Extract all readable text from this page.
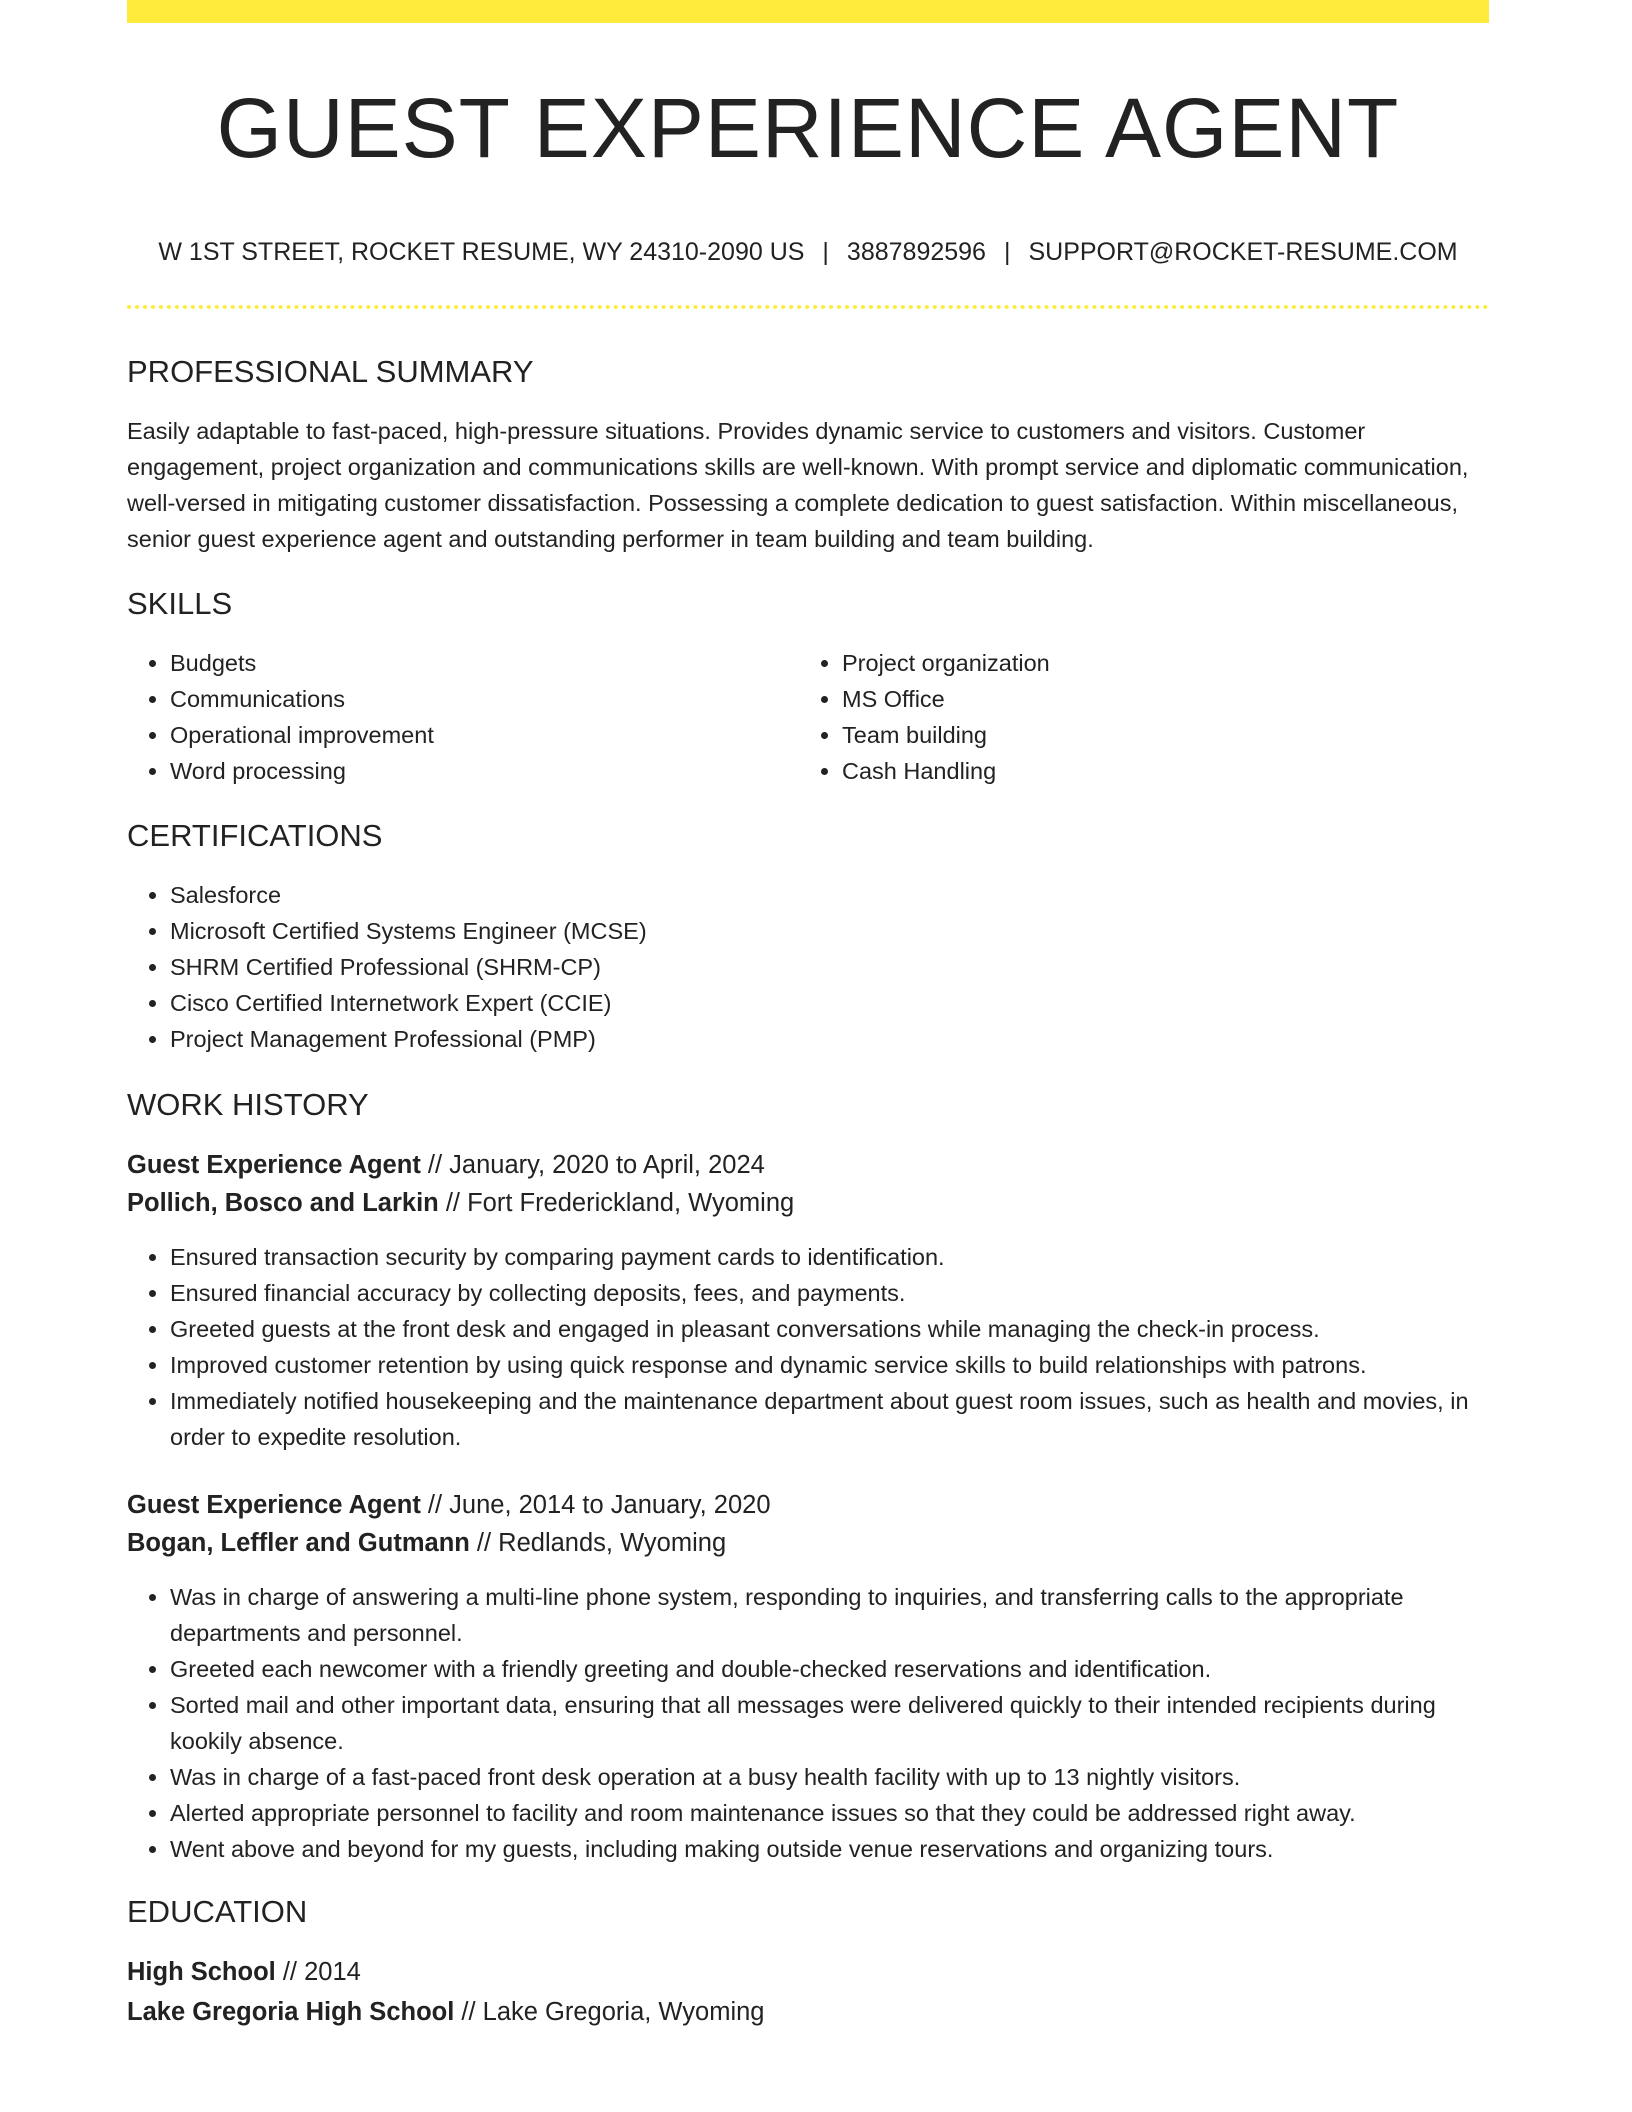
GUEST EXPERIENCE AGENT
W 1ST STREET, ROCKET RESUME, WY 24310-2090 US | 3887892596 | SUPPORT@ROCKET-RESUME.COM
PROFESSIONAL SUMMARY

Easily adaptable to fast-paced, high-pressure situations. Provides dynamic service to customers and visitors. Customer engagement, project organization and communications skills are well-known. With prompt service and diplomatic communication, well-versed in mitigating customer dissatisfaction. Possessing a complete dedication to guest satisfaction. Within miscellaneous, senior guest experience agent and outstanding performer in team building and team building.

SKILLS
• Budgets
• Communications
• Operational improvement
• Word processing
• Project organization
• MS Office
• Team building
• Cash Handling
CERTIFICATIONS
• Salesforce
• Microsoft Certified Systems Engineer (MCSE)
• SHRM Certified Professional (SHRM-CP)
• Cisco Certified Internetwork Expert (CCIE)
• Project Management Professional (PMP)
WORK HISTORY
Guest Experience Agent // January, 2020 to April, 2024
Pollich, Bosco and Larkin // Fort Frederickland, Wyoming
• Ensured transaction security by comparing payment cards to identification.
• Ensured financial accuracy by collecting deposits, fees, and payments.
• Greeted guests at the front desk and engaged in pleasant conversations while managing the check-in process.
• Improved customer retention by using quick response and dynamic service skills to build relationships with patrons.
• Immediately notified housekeeping and the maintenance department about guest room issues, such as health and movies, in order to expedite resolution.
Guest Experience Agent // June, 2014 to January, 2020
Bogan, Leffler and Gutmann // Redlands, Wyoming
• Was in charge of answering a multi-line phone system, responding to inquiries, and transferring calls to the appropriate departments and personnel.
• Greeted each newcomer with a friendly greeting and double-checked reservations and identification.
• Sorted mail and other important data, ensuring that all messages were delivered quickly to their intended recipients during kookily absence.
• Was in charge of a fast-paced front desk operation at a busy health facility with up to 13 nightly visitors.
• Alerted appropriate personnel to facility and room maintenance issues so that they could be addressed right away.
• Went above and beyond for my guests, including making outside venue reservations and organizing tours.
EDUCATION
High School // 2014
Lake Gregoria High School // Lake Gregoria, Wyoming
